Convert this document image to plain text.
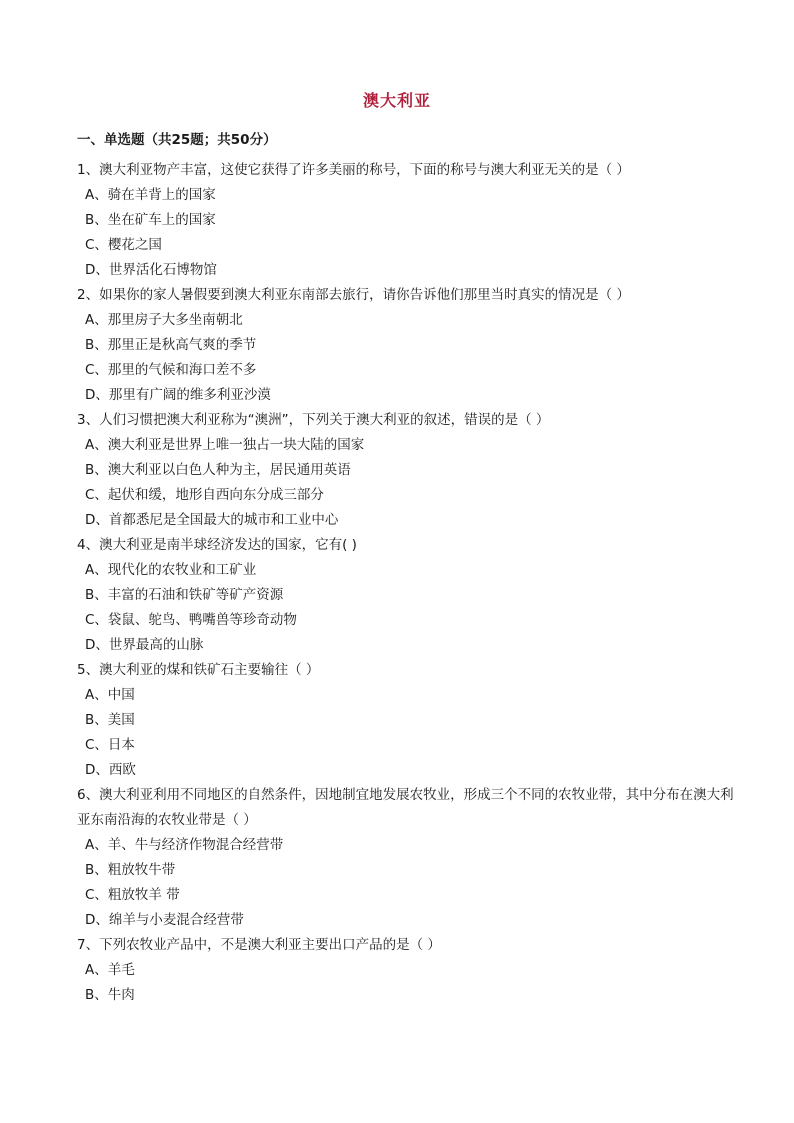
澳大利亚
一、单选题（共25题；共50分）
1、澳大利亚物产丰富，这使它获得了许多美丽的称号，下面的称号与澳大利亚无关的是（ ）
A、骑在羊背上的国家
B、坐在矿车上的国家
C、樱花之国
D、世界活化石博物馆
2、如果你的家人暑假要到澳大利亚东南部去旅行，请你告诉他们那里当时真实的情况是（ ）
A、那里房子大多坐南朝北
B、那里正是秋高气爽的季节
C、那里的气候和海口差不多
D、那里有广阔的维多利亚沙漠
3、人们习惯把澳大利亚称为“澳洲”，下列关于澳大利亚的叙述，错误的是（ ）
A、澳大利亚是世界上唯一独占一块大陆的国家
B、澳大利亚以白色人种为主，居民通用英语
C、起伏和缓，地形自西向东分成三部分
D、首都悉尼是全国最大的城市和工业中心
4、澳大利亚是南半球经济发达的国家，它有( )
A、现代化的农牧业和工矿业
B、丰富的石油和铁矿等矿产资源
C、袋鼠、鸵鸟、鸭嘴兽等珍奇动物
D、世界最高的山脉
5、澳大利亚的煤和铁矿石主要输往（ ）
A、中国
B、美国
C、日本
D、西欧
6、澳大利亚利用不同地区的自然条件，因地制宜地发展农牧业，形成三个不同的农牧业带，其中分布在澳大利亚东南沿海的农牧业带是（ ）
A、羊、牛与经济作物混合经营带
B、粗放牧牛带
C、粗放牧羊 带
D、绵羊与小麦混合经营带
7、下列农牧业产品中，不是澳大利亚主要出口产品的是（ ）
A、羊毛
B、牛肉
